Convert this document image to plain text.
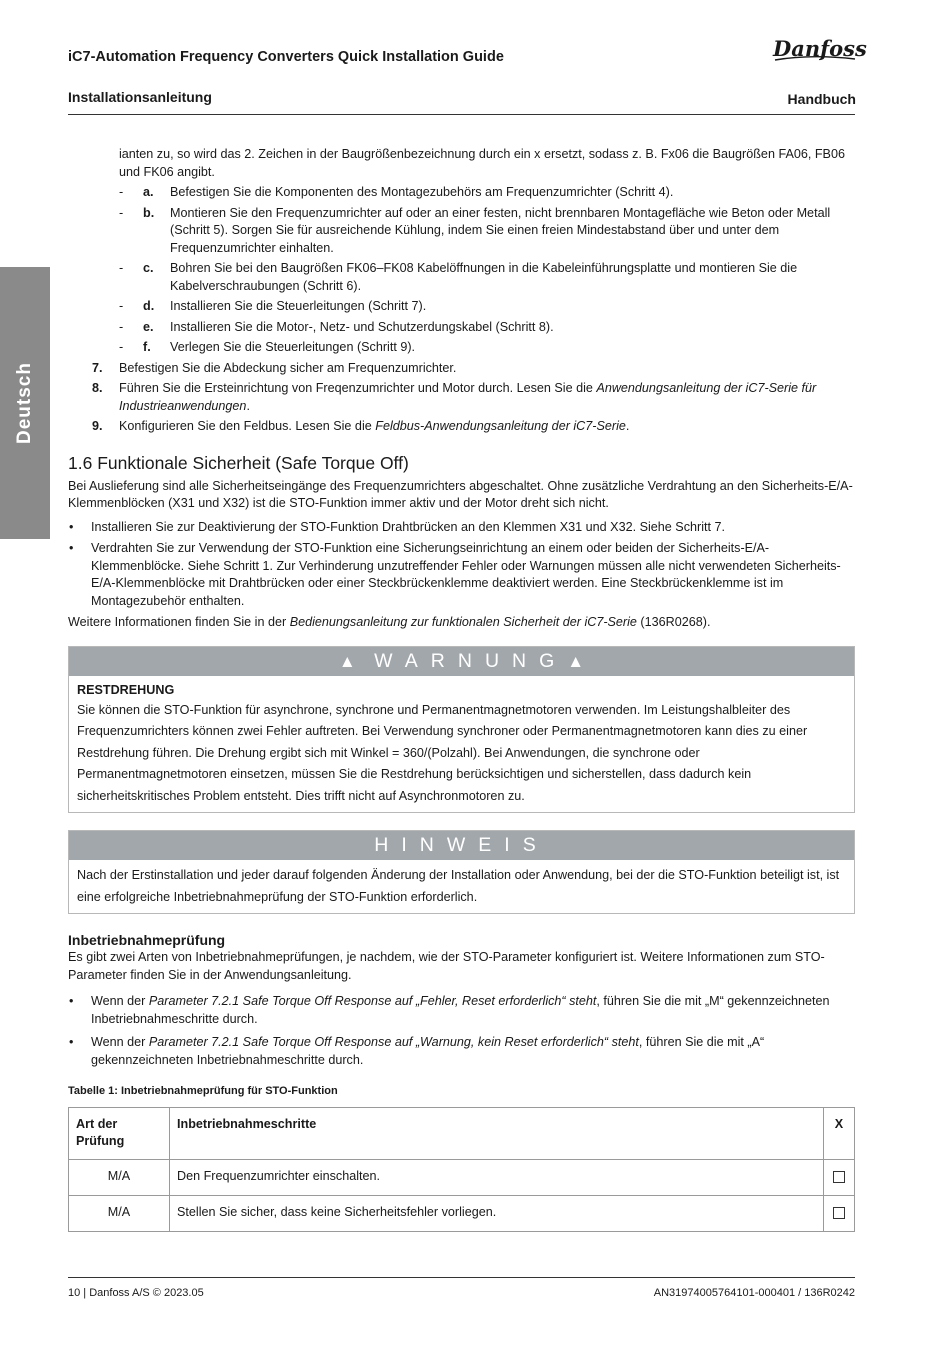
iC7-Automation Frequency Converters Quick Installation Guide	Danfoss
Installationsanleitung	Handbuch
Deutsch

ianten zu, so wird das 2. Zeichen in der Baugrößenbezeichnung durch ein x ersetzt, sodass z. B. Fx06 die Baugrößen FA06, FB06 und FK06 angibt.

-	a.	Befestigen Sie die Komponenten des Montagezubehörs am Frequenzumrichter (Schritt 4).
-	b.	Montieren Sie den Frequenzumrichter auf oder an einer festen, nicht brennbaren Montagefläche wie Beton oder Metall (Schritt 5). Sorgen Sie für ausreichende Kühlung, indem Sie einen freien Mindestabstand über und unter dem Frequenzumrichter einhalten.
-	c.	Bohren Sie bei den Baugrößen FK06–FK08 Kabelöffnungen in die Kabeleinführungsplatte und montieren Sie die Kabelverschraubungen (Schritt 6).
-	d.	Installieren Sie die Steuerleitungen (Schritt 7).
-	e.	Installieren Sie die Motor-, Netz- und Schutzerdungskabel (Schritt 8).
-	f.	Verlegen Sie die Steuerleitungen (Schritt 9).
7.	Befestigen Sie die Abdeckung sicher am Frequenzumrichter.
8.	Führen Sie die Ersteinrichtung von Freqenzumrichter und Motor durch. Lesen Sie die Anwendungsanleitung der iC7-Serie für Industrieanwendungen.
9.	Konfigurieren Sie den Feldbus. Lesen Sie die Feldbus-Anwendungsanleitung der iC7-Serie.
1.6 Funktionale Sicherheit (Safe Torque Off)

Bei Auslieferung sind alle Sicherheitseingänge des Frequenzumrichters abgeschaltet. Ohne zusätzliche Verdrahtung an den Sicherheits-E/A-Klemmenblöcken (X31 und X32) ist die STO-Funktion immer aktiv und der Motor dreht sich nicht.

•	Installieren Sie zur Deaktivierung der STO-Funktion Drahtbrücken an den Klemmen X31 und X32. Siehe Schritt 7.
•	Verdrahten Sie zur Verwendung der STO-Funktion eine Sicherungseinrichtung an einem oder beiden der Sicherheits-E/A-Klemmenblöcke. Siehe Schritt 1. Zur Verhinderung unzutreffender Fehler oder Warnungen müssen alle nicht verwendeten Sicherheits-E/A-Klemmenblöcke mit Drahtbrücken oder einer Steckbrückenklemme deaktiviert werden. Eine Steckbrückenklemme ist im Montagezubehör enthalten.

Weitere Informationen finden Sie in der Bedienungsanleitung zur funktionalen Sicherheit der iC7-Serie (136R0268).

▲ WARNUNG▲
RESTDREHUNG
Sie können die STO-Funktion für asynchrone, synchrone und Permanentmagnetmotoren verwenden. Im Leistungshalbleiter des Frequenzumrichters können zwei Fehler auftreten. Bei Verwendung synchroner oder Permanentmagnetmotoren kann dies zu einer Restdrehung führen. Die Drehung ergibt sich mit Winkel = 360/(Polzahl). Bei Anwendungen, die synchrone oder Permanentmagnetmotoren einsetzen, müssen Sie die Restdrehung berücksichtigen und sicherstellen, dass dadurch kein sicherheitskritisches Problem entsteht. Dies trifft nicht auf Asynchronmotoren zu.
HINWEIS
Nach der Erstinstallation und jeder darauf folgenden Änderung der Installation oder Anwendung, bei der die STO-Funktion beteiligt ist, ist eine erfolgreiche Inbetriebnahmeprüfung der STO-Funktion erforderlich.
Inbetriebnahmeprüfung

Es gibt zwei Arten von Inbetriebnahmeprüfungen, je nachdem, wie der STO-Parameter konfiguriert ist. Weitere Informationen zum STO-Parameter finden Sie in der Anwendungsanleitung.

•	Wenn der Parameter 7.2.1 Safe Torque Off Response auf „Fehler, Reset erforderlich“ steht, führen Sie die mit „M“ gekennzeichneten Inbetriebnahmeschritte durch.
•	Wenn der Parameter 7.2.1 Safe Torque Off Response auf „Warnung, kein Reset erforderlich“ steht, führen Sie die mit „A“ gekennzeichneten Inbetriebnahmeschritte durch.
Tabelle 1: Inbetriebnahmeprüfung für STO-Funktion
Art der Prüfung	Inbetriebnahmeschritte	X
M/A	Den Frequenzumrichter einschalten.	
M/A	Stellen Sie sicher, dass keine Sicherheitsfehler vorliegen.	
10 | Danfoss A/S © 2023.05	AN31974005764101-000401 / 136R0242
